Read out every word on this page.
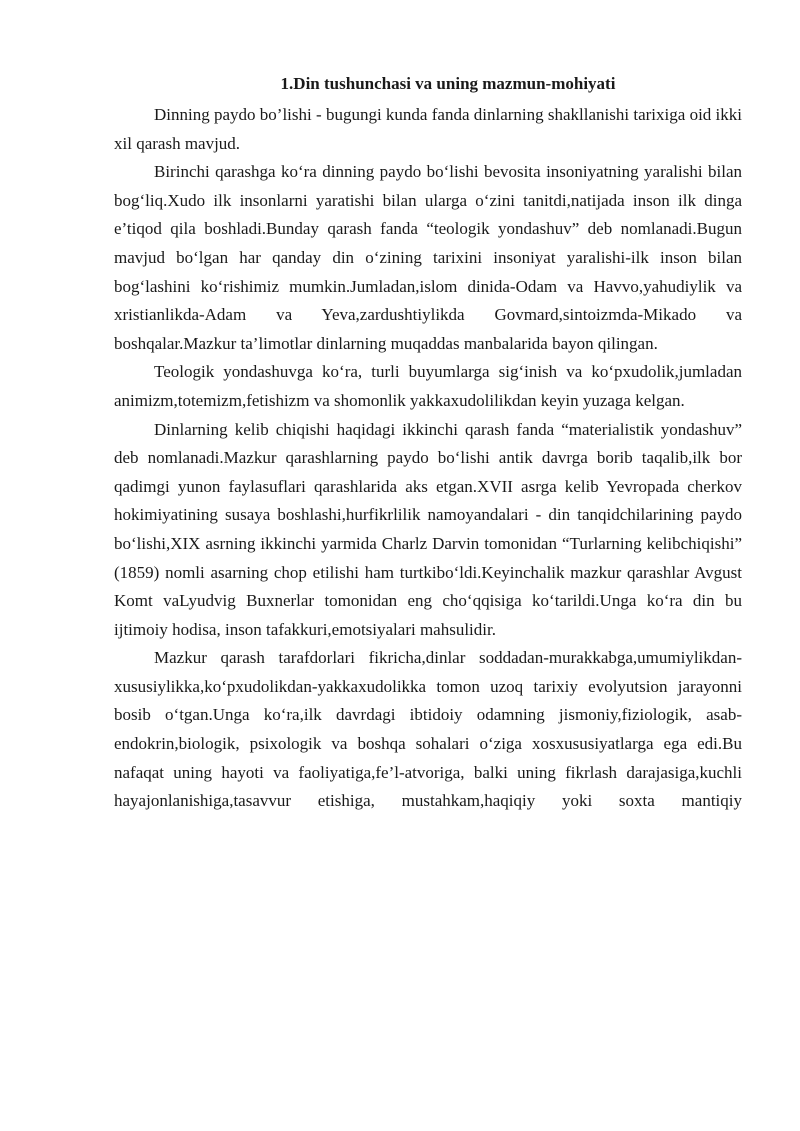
1.Din tushunchasi va uning mazmun-mohiyati

Dinning paydo bo’lishi - bugungi kunda fanda dinlarning shakllanishi tarixiga oid ikki xil qarash mavjud.

Birinchi qarashga ko‘ra dinning paydo bo‘lishi bevosita insoniyatning yaralishi bilan bog‘liq.Xudo ilk insonlarni yaratishi bilan ularga o‘zini tanitdi,natijada inson ilk dinga e’tiqod qila boshladi.Bunday qarash fanda “teologik yondashuv” deb nomlanadi.Bugun mavjud bo‘lgan har qanday din o‘zining tarixini insoniyat yaralishi-ilk inson bilan bog‘lashini ko‘rishimiz mumkin.Jumladan,islom dinida-Odam va Havvo,yahudiylik va xristianlikda-Adam va Yeva,zardushtiylikda Govmard,sintoizmda-Mikado va boshqalar.Mazkur ta’limotlar dinlarning muqaddas manbalarida bayon qilingan.

Teologik yondashuvga ko‘ra, turli buyumlarga sig‘inish va ko‘pxudolik,jumladan animizm,totemizm,fetishizm va shomonlik yakkaxudolilikdan keyin yuzaga kelgan.

Dinlarning kelib chiqishi haqidagi ikkinchi qarash fanda “materialistik yondashuv” deb nomlanadi.Mazkur qarashlarning paydo bo‘lishi antik davrga borib taqalib,ilk bor qadimgi yunon faylasuflari qarashlarida aks etgan.XVII asrga kelib Yevropada cherkov hokimiyatining susaya boshlashi,hurfikrlilik namoyandalari - din tanqidchilarining paydo bo‘lishi,XIX asrning ikkinchi yarmida Charlz Darvin tomonidan “Turlarning kelibchiqishi” (1859) nomli asarning chop etilishi ham turtkibo‘ldi.Keyinchalik mazkur qarashlar Avgust Komt vaLyudvig Buxnerlar tomonidan eng cho‘qqisiga ko‘tarildi.Unga ko‘ra din bu ijtimoiy hodisa, inson tafakkuri,emotsiyalari mahsulidir.

Mazkur qarash tarafdorlari fikricha,dinlar soddadan-murakkabga,umumiylikdan-xususiylikka,ko‘pxudolikdan-yakkaxudolikka tomon uzoq tarixiy evolyutsion jarayonni bosib o‘tgan.Unga ko‘ra,ilk davrdagi ibtidoiy odamning jismoniy,fiziologik, asab-endokrin,biologik, psixologik va boshqa sohalari o‘ziga xosxususiyatlarga ega edi.Bu nafaqat uning hayoti va faoliyatiga,fe’l-atvoriga, balki uning fikrlash darajasiga,kuchli hayajonlanishiga,tasavvur etishiga, mustahkam,haqiqiy yoki soxta mantiqiy
